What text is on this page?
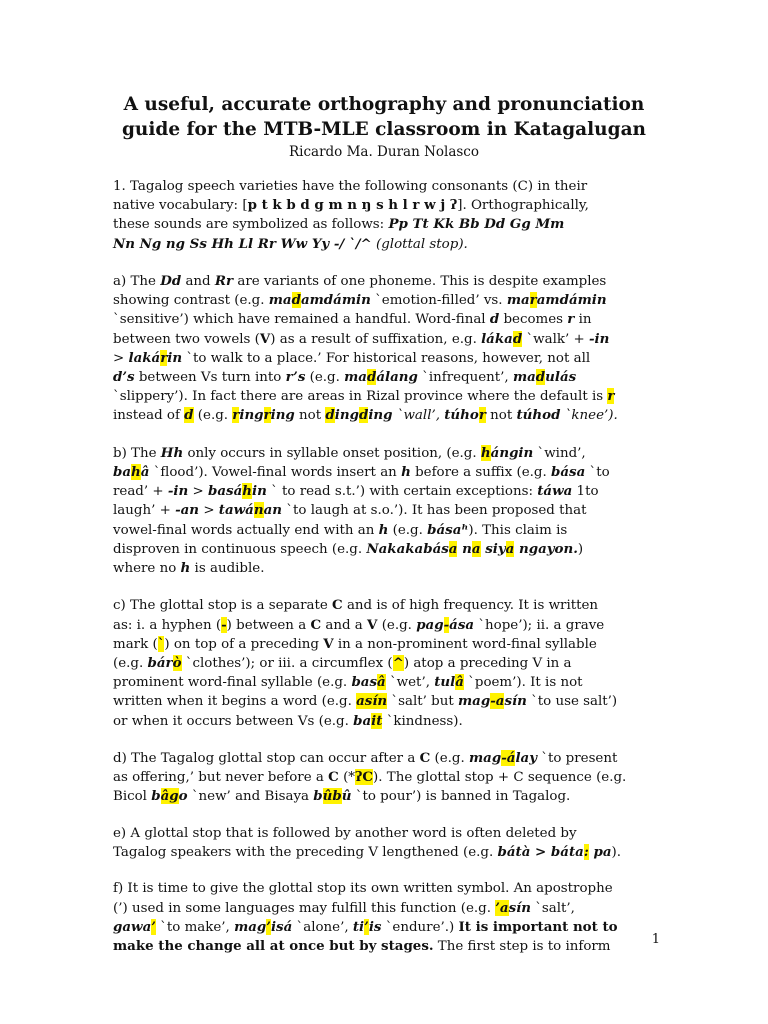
A useful, accurate orthography and pronunciation
guide for the MTB-MLE classroom in Katagalugan
Ricardo Ma. Duran Nolasco
1. Tagalog speech varieties have the following consonants (C) in their
native vocabulary: [p t k b d g m n ŋ s h l r w j ʔ]. Orthographically,
these sounds are symbolized as follows: Pp Tt Kk Bb Dd Gg Mm
Nn Ng ng Ss Hh Ll Rr Ww Yy -/ `/^ (glottal stop).
a) The Dd and Rr are variants of one phoneme. This is despite examples
showing contrast (e.g. madamdámin `emotion-filled’ vs. maramdámin
`sensitive’) which have remained a handful. Word-final d becomes r in
between two vowels (V) as a result of suffixation, e.g. lákad `walk’ + -in
> lakárin `to walk to a place.’ For historical reasons, however, not all
d’s between Vs turn into r’s (e.g. madálang `infrequent’, madulás
`slippery’). In fact there are areas in Rizal province where the default is r
instead of d (e.g. ringring not dingding `wall’, túhor not túhod `knee’).
b) The Hh only occurs in syllable onset position, (e.g. hángin `wind’,
bahâ `flood’). Vowel-final words insert an h before a suffix (e.g. bása `to
read’ + -in > basáhin ` to read s.t.’) with certain exceptions: táwa 1to
laugh’ + -an > tawánan `to laugh at s.o.’). It has been proposed that
vowel-final words actually end with an h (e.g. básaʰ). This claim is
disproven in continuous speech (e.g. Nakakabása na siya ngayon.)
where no h is audible.
c) The glottal stop is a separate C and is of high frequency. It is written
as: i. a hyphen (-) between a C and a V (e.g. pag-ása `hope’); ii. a grave
mark (`) on top of a preceding V in a non-prominent word-final syllable
(e.g. bárò `clothes’); or iii. a circumflex (^) atop a preceding V in a
prominent word-final syllable (e.g. basâ `wet’, tulâ `poem’). It is not
written when it begins a word (e.g. asín `salt’ but mag-asín `to use salt’)
or when it occurs between Vs (e.g. bait `kindness).
d) The Tagalog glottal stop can occur after a C (e.g. mag-álay `to present
as offering,’ but never before a C (*ʔC). The glottal stop + C sequence (e.g.
Bicol bâgo `new’ and Bisaya bûbû `to pour’) is banned in Tagalog.
e) A glottal stop that is followed by another word is often deleted by
Tagalog speakers with the preceding V lengthened (e.g. bátà > báta: pa).
f) It is time to give the glottal stop its own written symbol. An apostrophe
(’) used in some languages may fulfill this function (e.g. ’asín `salt’,
gawa’ `to make’, mag’isá `alone’, ti’is `endure’.) It is important not to
make the change all at once but by stages. The first step is to inform	1
